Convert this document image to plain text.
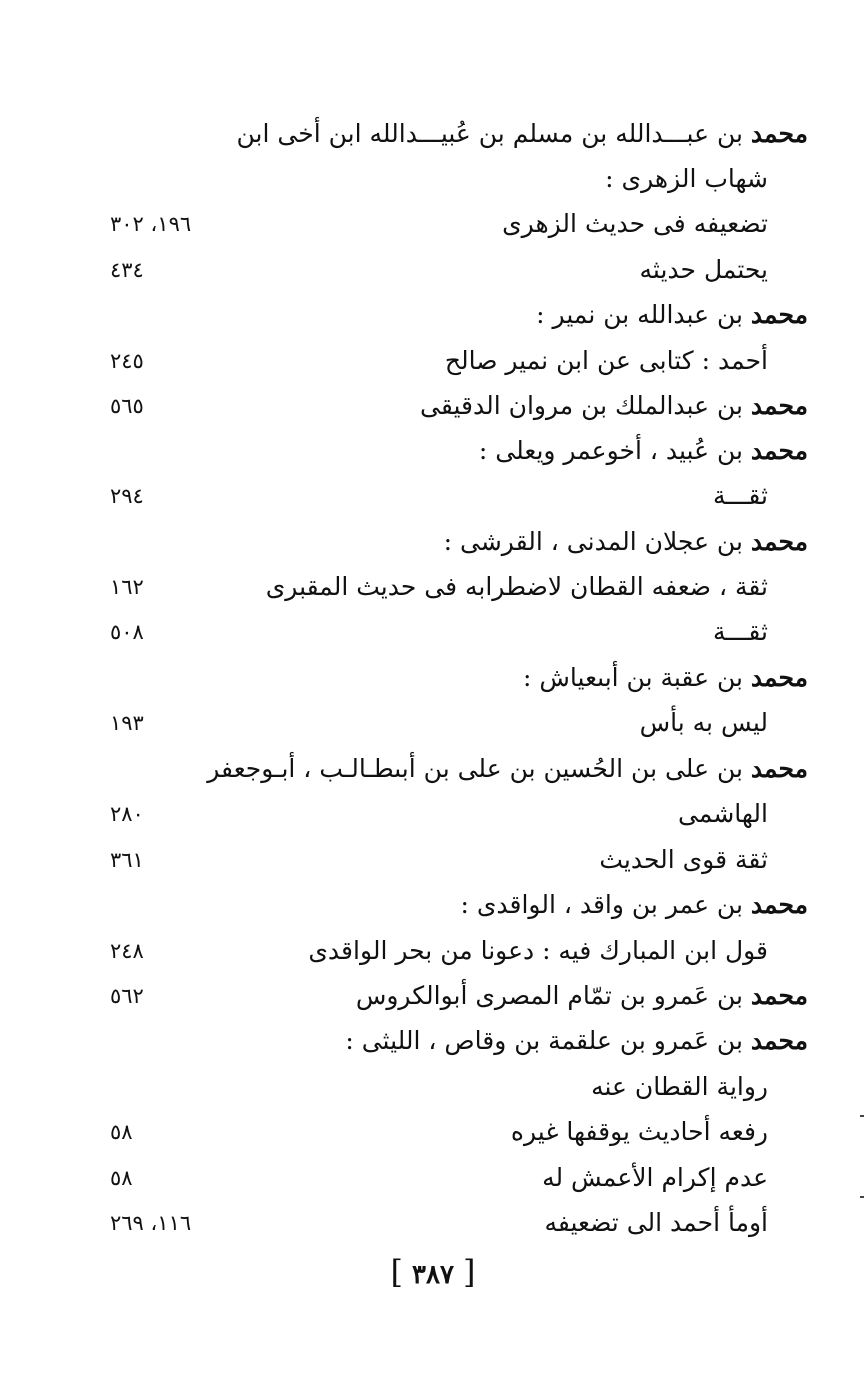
محمد بن عبـــدالله بن مسلم بن عُبيـــدالله ابن أخى ابن
شهاب الزهرى :
تضعيفه فى حديث الزهرى
١٩٦، ٣٠٢
يحتمل حديثه
٤٣٤
محمد بن عبدالله بن نمير :
أحمد : كتابى عن ابن نمير صالح
٢٤٥
محمد بن عبدالملك بن مروان الدقيقى
٥٦٥
محمد بن عُبيد ، أخوعمر ويعلى :
ثقـــة
٢٩٤
محمد بن عجلان المدنى ، القرشى :
ثقة ، ضعفه القطان لاضطرابه فى حديث المقبرى
١٦٢
ثقـــة
٥٠٨
محمد بن عقبة بن أبىعياش :
ليس به بأس
١٩٣
محمد بن على بن الحُسين بن على بن أبىطـالـب ، أبـوجعفر
الهاشمى
٢٨٠
ثقة قوى الحديث
٣٦١
محمد بن عمر بن واقد ، الواقدى :
قول ابن المبارك فيه : دعونا من بحر الواقدى
٢٤٨
محمد بن عَمرو بن تمّام المصرى أبوالكروس
٥٦٢
محمد بن عَمرو بن علقمة بن وقاص ، الليثى :
رواية القطان عنه
رفعه أحاديث يوقفها غيره
٥٨
عدم إكرام الأعمش له
٥٨
أومأ أحمد الى تضعيفه
١١٦، ٢٦٩
[ ٣٨٧ ]
